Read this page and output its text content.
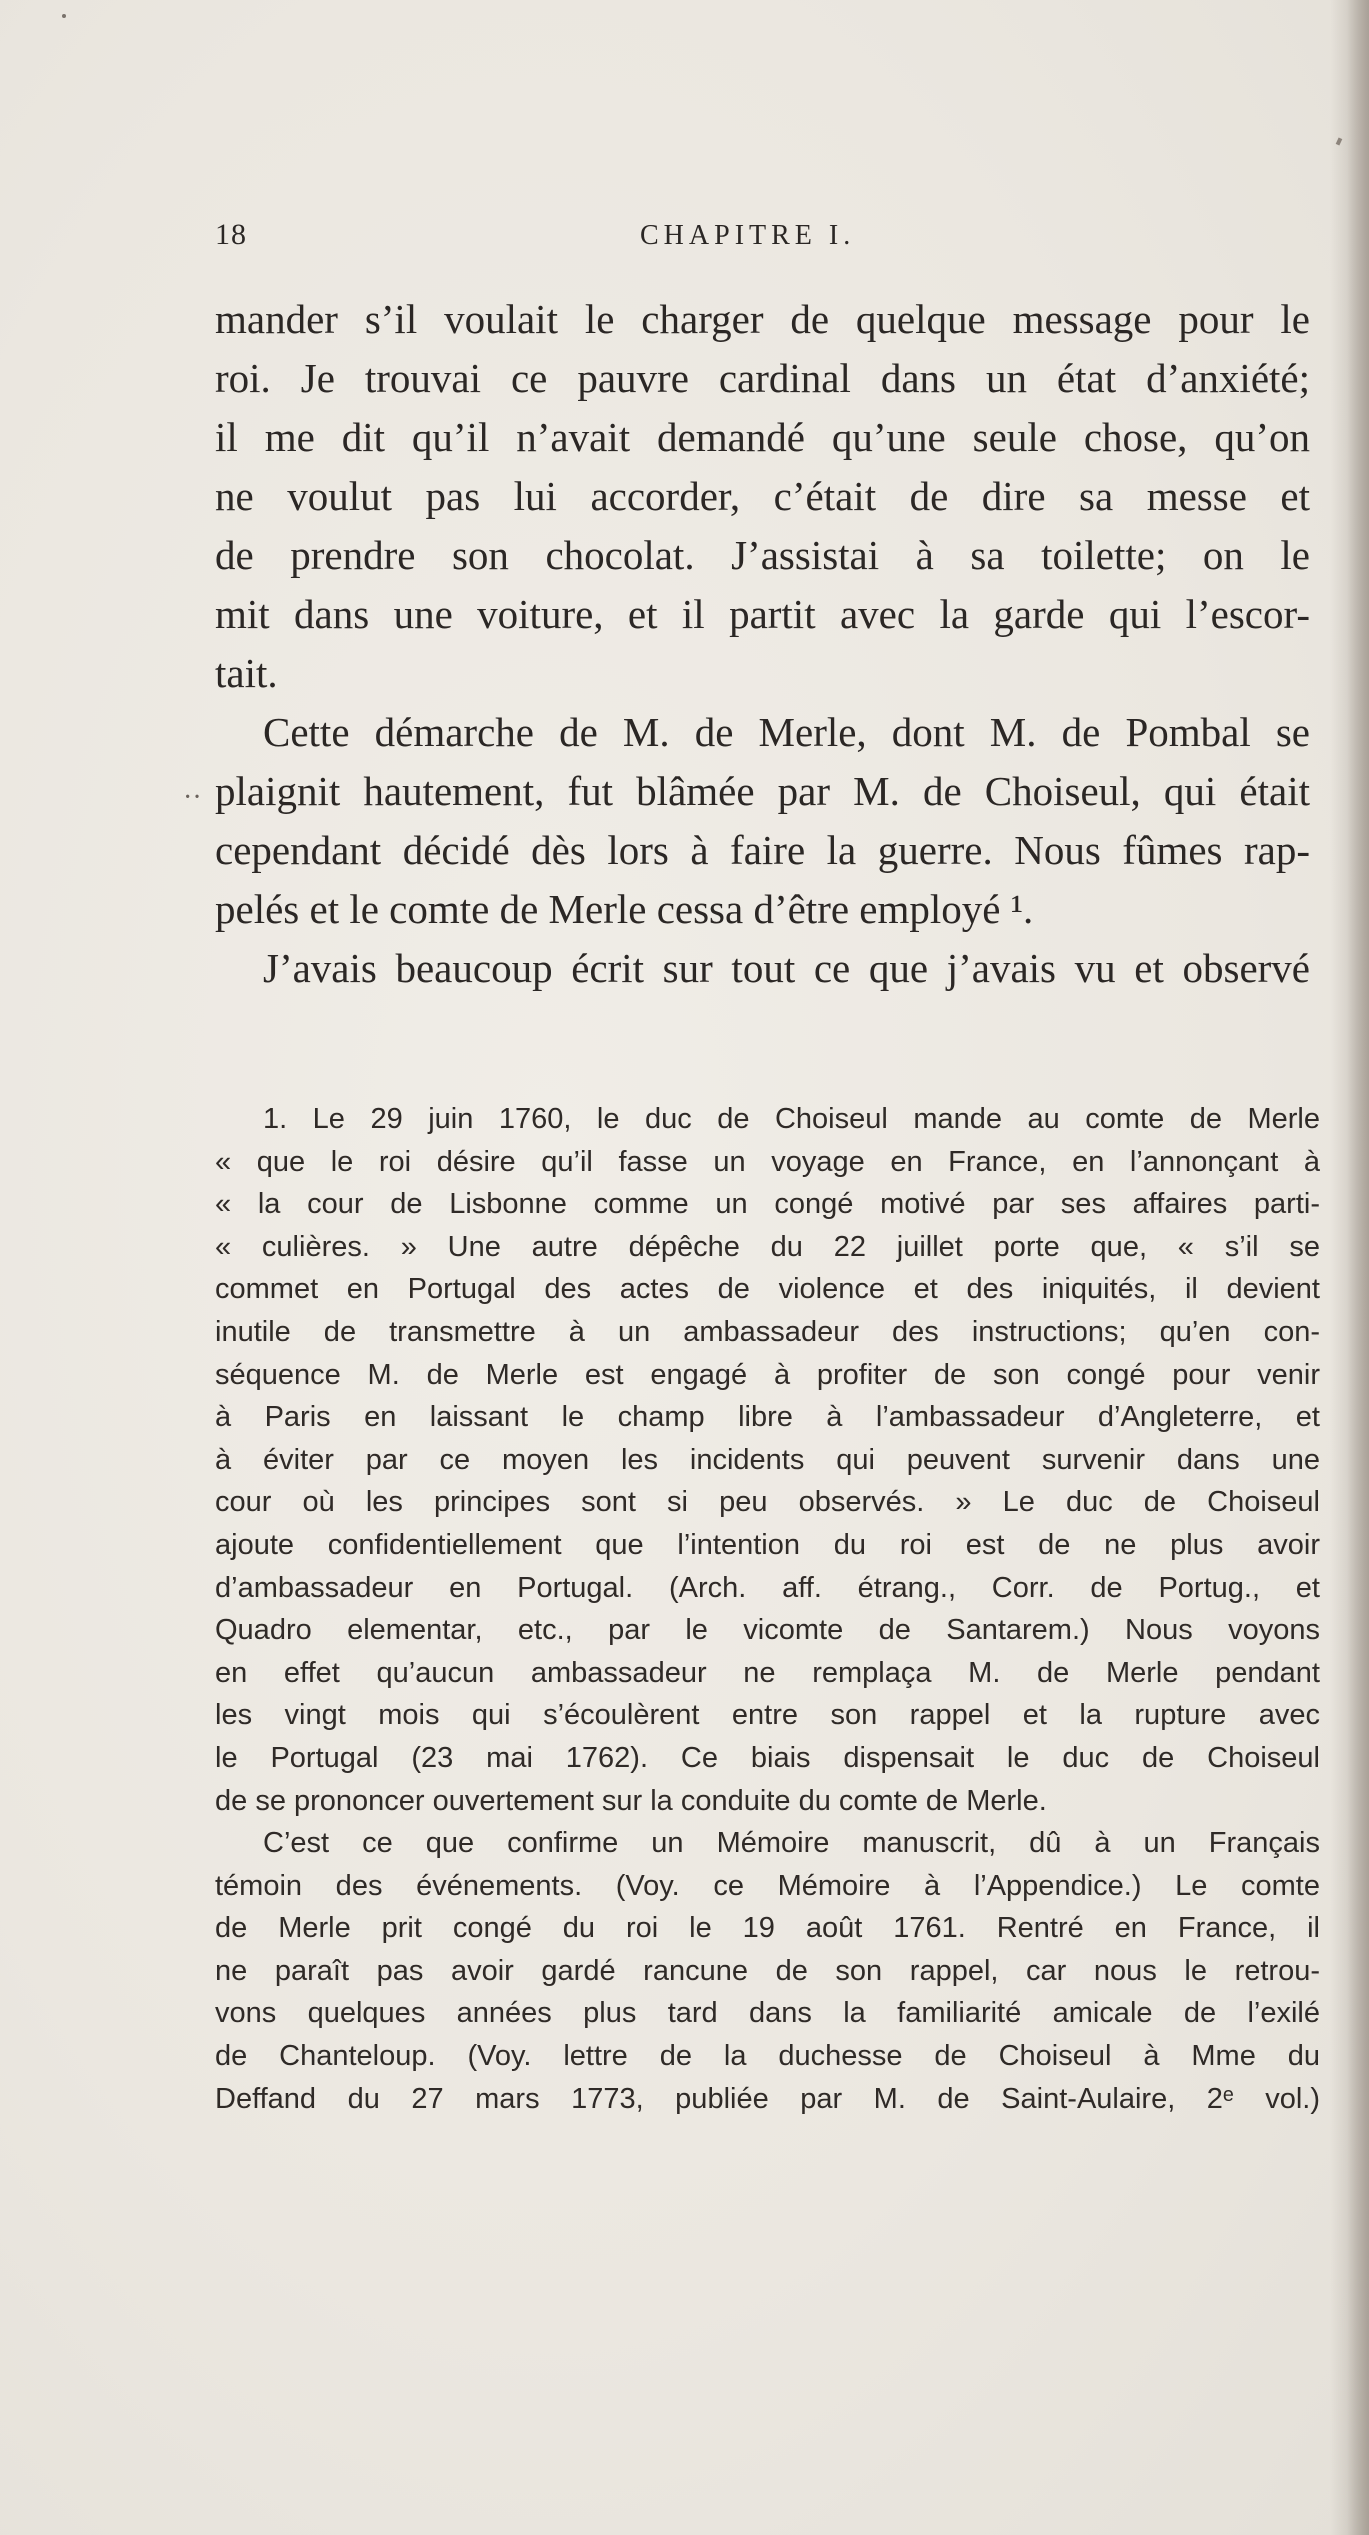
18	CHAPITRE I.
··
mander s’il voulait le charger de quelque message pour le
roi. Je trouvai ce pauvre cardinal dans un état d’anxiété;
il me dit qu’il n’avait demandé qu’une seule chose, qu’on
ne voulut pas lui accorder, c’était de dire sa messe et
de prendre son chocolat. J’assistai à sa toilette; on le
mit dans une voiture, et il partit avec la garde qui l’escor-
tait.
Cette démarche de M. de Merle, dont M. de Pombal se
plaignit hautement, fut blâmée par M. de Choiseul, qui était
cependant décidé dès lors à faire la guerre. Nous fûmes rap-
pelés et le comte de Merle cessa d’être employé ¹.
J’avais beaucoup écrit sur tout ce que j’avais vu et observé
1. Le 29 juin 1760, le duc de Choiseul mande au comte de Merle
« que le roi désire qu’il fasse un voyage en France, en l’annonçant à
« la cour de Lisbonne comme un congé motivé par ses affaires parti-
« culières. » Une autre dépêche du 22 juillet porte que, « s’il se
commet en Portugal des actes de violence et des iniquités, il devient
inutile de transmettre à un ambassadeur des instructions; qu’en con-
séquence M. de Merle est engagé à profiter de son congé pour venir
à Paris en laissant le champ libre à l’ambassadeur d’Angleterre, et
à éviter par ce moyen les incidents qui peuvent survenir dans une
cour où les principes sont si peu observés. » Le duc de Choiseul
ajoute confidentiellement que l’intention du roi est de ne plus avoir
d’ambassadeur en Portugal. (Arch. aff. étrang., Corr. de Portug., et
Quadro elementar, etc., par le vicomte de Santarem.) Nous voyons
en effet qu’aucun ambassadeur ne remplaça M. de Merle pendant
les vingt mois qui s’écoulèrent entre son rappel et la rupture avec
le Portugal (23 mai 1762). Ce biais dispensait le duc de Choiseul
de se prononcer ouvertement sur la conduite du comte de Merle.
C’est ce que confirme un Mémoire manuscrit, dû à un Français
témoin des événements. (Voy. ce Mémoire à l’Appendice.) Le comte
de Merle prit congé du roi le 19 août 1761. Rentré en France, il
ne paraît pas avoir gardé rancune de son rappel, car nous le retrou-
vons quelques années plus tard dans la familiarité amicale de l’exilé
de Chanteloup. (Voy. lettre de la duchesse de Choiseul à Mme du
Deffand du 27 mars 1773, publiée par M. de Saint-Aulaire, 2ᵉ vol.)
